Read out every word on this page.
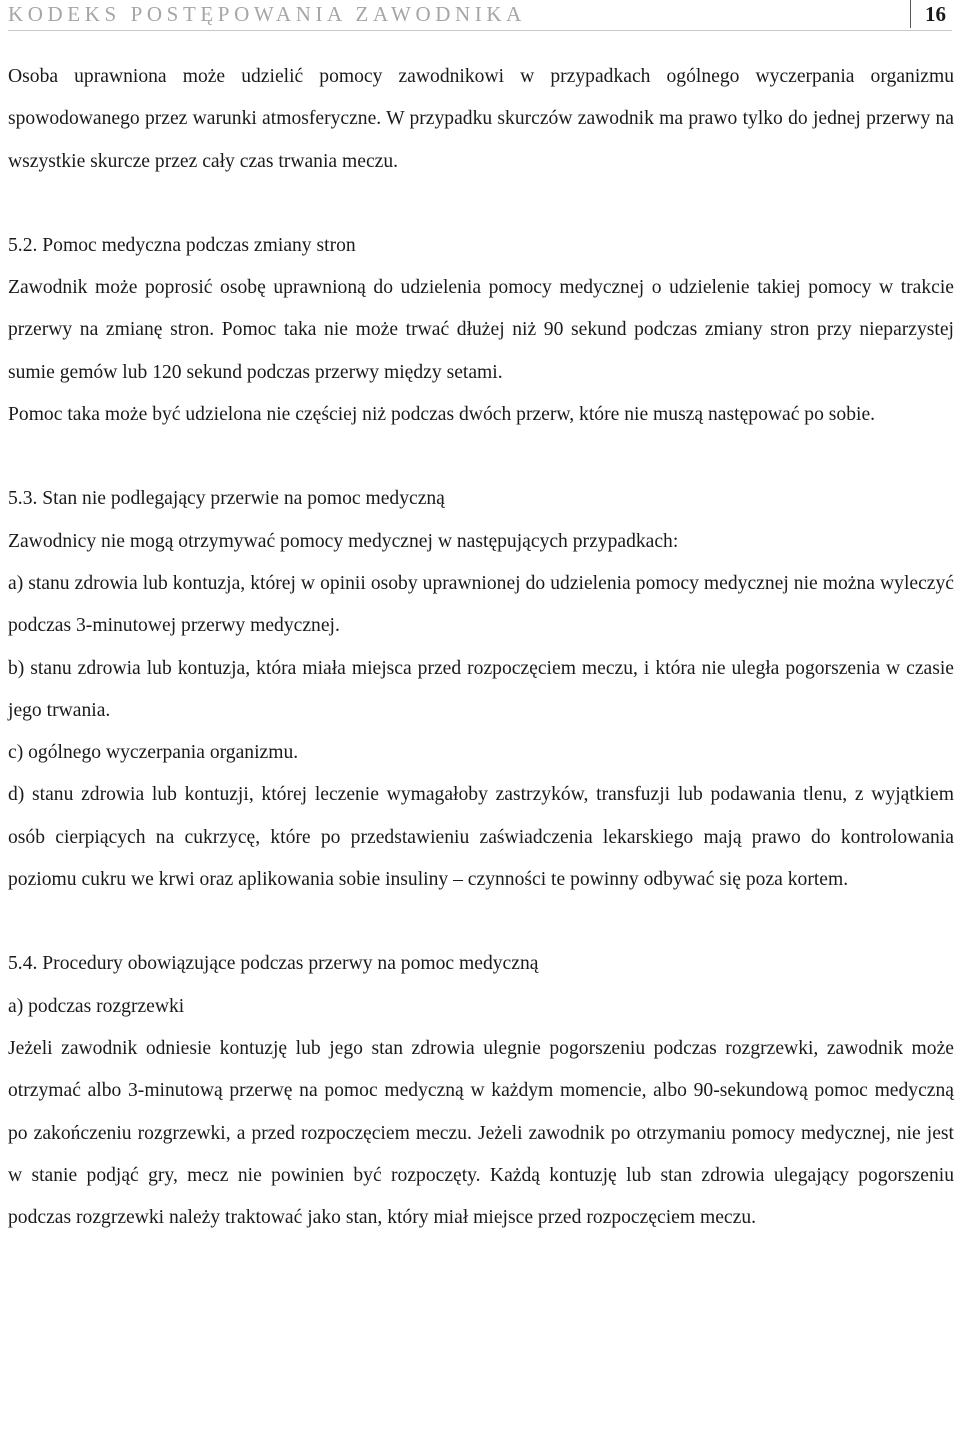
KODEKS POSTĘPOWANIA ZAWODNIKA	16

Osoba uprawniona może udzielić pomocy zawodnikowi w przypadkach ogólnego wyczerpania organizmu spowodowanego przez warunki atmosferyczne. W przypadku skurczów zawodnik ma prawo tylko do jednej przerwy na wszystkie skurcze przez cały czas trwania meczu.

5.2. Pomoc medyczna podczas zmiany stron

Zawodnik może poprosić osobę uprawnioną do udzielenia pomocy medycznej o udzielenie takiej pomocy w trakcie przerwy na zmianę stron. Pomoc taka nie może trwać dłużej niż 90 sekund podczas zmiany stron przy nieparzystej sumie gemów lub 120 sekund podczas przerwy między setami.

Pomoc taka może być udzielona nie częściej niż podczas dwóch przerw, które nie muszą następować po sobie.

5.3. Stan nie podlegający przerwie na pomoc medyczną

Zawodnicy nie mogą otrzymywać pomocy medycznej w następujących przypadkach:

a) stanu zdrowia lub kontuzja, której w opinii osoby uprawnionej do udzielenia pomocy medycznej nie można wyleczyć podczas 3-minutowej przerwy medycznej.

b) stanu zdrowia lub kontuzja, która miała miejsca przed rozpoczęciem meczu, i która nie uległa pogorszenia w czasie jego trwania.

c) ogólnego wyczerpania organizmu.

d) stanu zdrowia lub kontuzji, której leczenie wymagałoby zastrzyków, transfuzji lub podawania tlenu, z wyjątkiem osób cierpiących na cukrzycę, które po przedstawieniu zaświadczenia lekarskiego mają prawo do kontrolowania poziomu cukru we krwi oraz aplikowania sobie insuliny – czynności te powinny odbywać się poza kortem.

5.4. Procedury obowiązujące podczas przerwy na pomoc medyczną

a) podczas rozgrzewki

Jeżeli zawodnik odniesie kontuzję lub jego stan zdrowia ulegnie pogorszeniu podczas rozgrzewki, zawodnik może otrzymać albo 3-minutową przerwę na pomoc medyczną w każdym momencie, albo 90-sekundową pomoc medyczną po zakończeniu rozgrzewki, a przed rozpoczęciem meczu. Jeżeli zawodnik po otrzymaniu pomocy medycznej, nie jest w stanie podjąć gry, mecz nie powinien być rozpoczęty. Każdą kontuzję lub stan zdrowia ulegający pogorszeniu podczas rozgrzewki należy traktować jako stan, który miał miejsce przed rozpoczęciem meczu.
